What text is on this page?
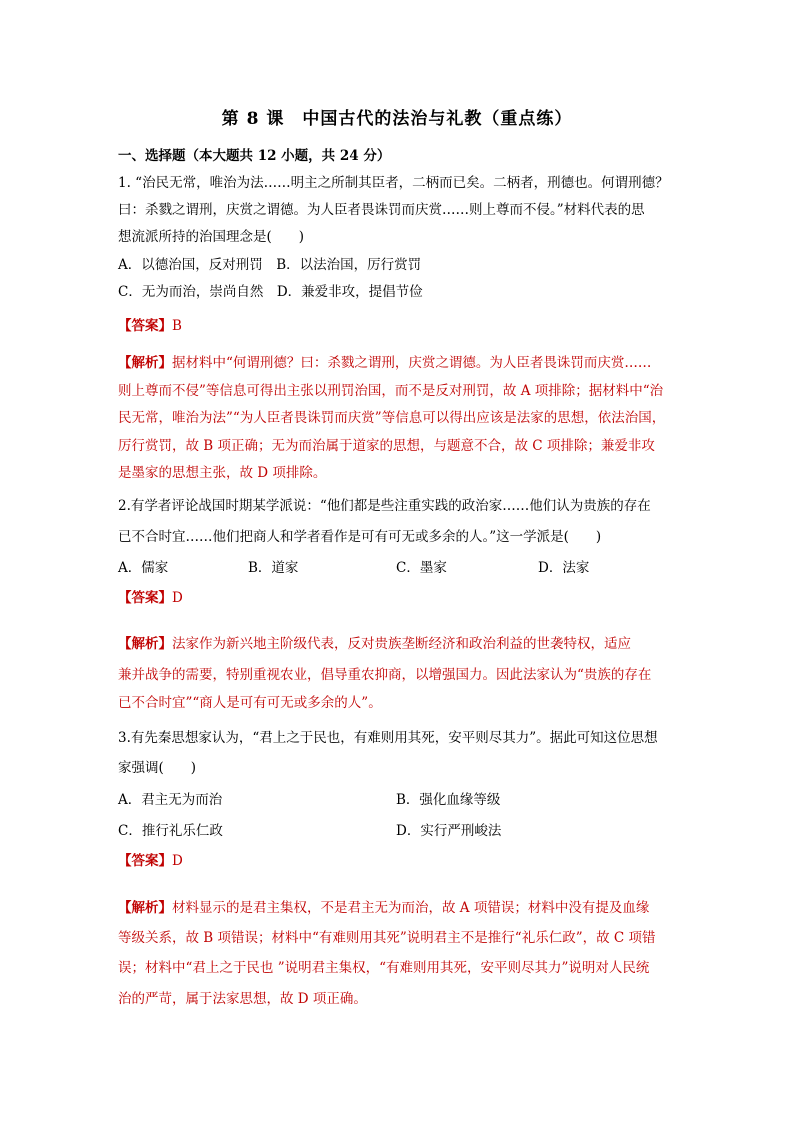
第 8 课　中国古代的法治与礼教（重点练）
一、选择题（本大题共 12 小题，共 24 分）
1. “治民无常，唯治为法……明主之所制其臣者，二柄而已矣。二柄者，刑德也。何谓刑德？
曰：杀戮之谓刑，庆赏之谓德。为人臣者畏诛罚而庆赏……则上尊而不侵。”材料代表的思
想流派所持的治国理念是(　　)
A．以德治国，反对刑罚　B．以法治国，厉行赏罚
C．无为而治，崇尚自然　D．兼爱非攻，提倡节俭
【答案】B
【解析】据材料中“何谓刑德？曰：杀戮之谓刑，庆赏之谓德。为人臣者畏诛罚而庆赏……
则上尊而不侵”等信息可得出主张以刑罚治国，而不是反对刑罚，故 A 项排除；据材料中“治
民无常，唯治为法”“为人臣者畏诛罚而庆赏”等信息可以得出应该是法家的思想，依法治国，
厉行赏罚，故 B 项正确；无为而治属于道家的思想，与题意不合，故 C 项排除；兼爱非攻
是墨家的思想主张，故 D 项排除。
2.有学者评论战国时期某学派说：“他们都是些注重实践的政治家……他们认为贵族的存在
已不合时宜……他们把商人和学者看作是可有可无或多余的人。”这一学派是(　　)
A．儒家	B．道家	C．墨家	D．法家
【答案】D
【解析】法家作为新兴地主阶级代表，反对贵族垄断经济和政治利益的世袭特权，适应
兼并战争的需要，特别重视农业，倡导重农抑商，以增强国力。因此法家认为“贵族的存在
已不合时宜”“商人是可有可无或多余的人”。
3.有先秦思想家认为，“君上之于民也，有难则用其死，安平则尽其力”。据此可知这位思想
家强调(　　)
A．君主无为而治	B．强化血缘等级
C．推行礼乐仁政	D．实行严刑峻法
【答案】D
【解析】材料显示的是君主集权，不是君主无为而治，故 A 项错误；材料中没有提及血缘
等级关系，故 B 项错误；材料中“有难则用其死”说明君主不是推行“礼乐仁政”，故 C 项错
误；材料中“君上之于民也 ”说明君主集权，“有难则用其死，安平则尽其力”说明对人民统
治的严苛，属于法家思想，故 D 项正确。
